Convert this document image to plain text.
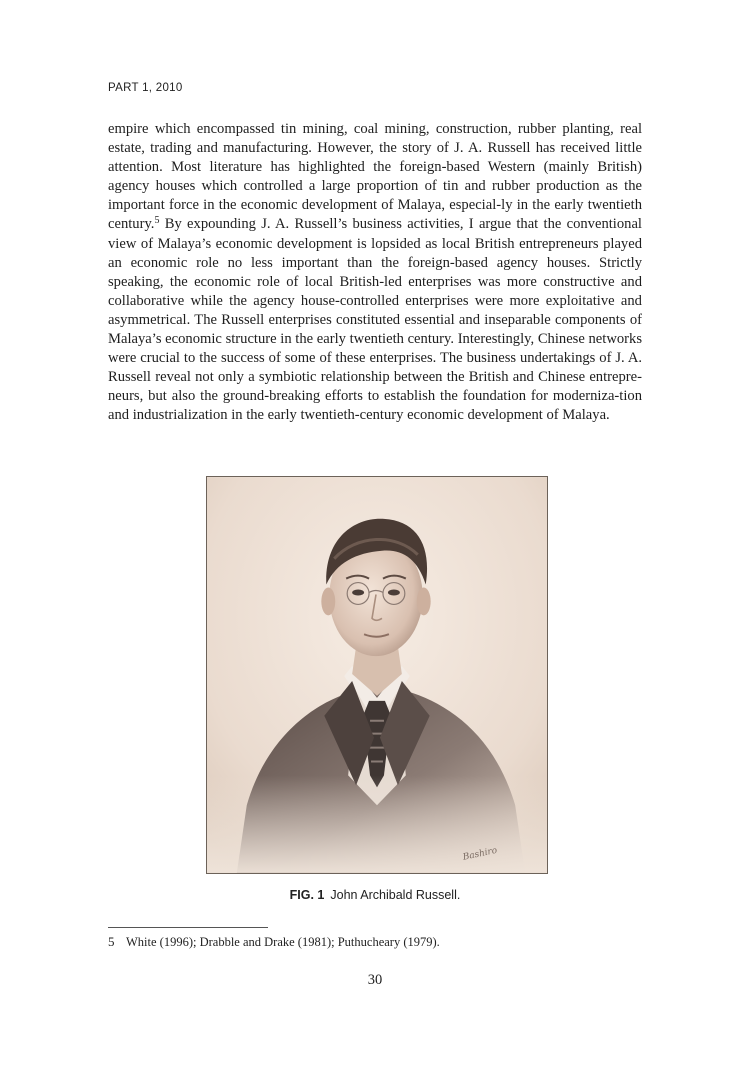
PART 1, 2010

empire which encompassed tin mining, coal mining, construction, rubber planting, real estate, trading and manufacturing. However, the story of J. A. Russell has received little attention. Most literature has highlighted the foreign-based Western (mainly British) agency houses which controlled a large proportion of tin and rubber production as the important force in the economic development of Malaya, especial-ly in the early twentieth century.$^5$ By expounding J. A. Russell’s business activities, I argue that the conventional view of Malaya’s economic development is lopsided as local British entrepreneurs played an economic role no less important than the foreign-based agency houses. Strictly speaking, the economic role of local British-led enterprises was more constructive and collaborative while the agency house-controlled enterprises were more exploitative and asymmetrical. The Russell enterprises constituted essential and inseparable components of Malaya’s economic structure in the early twentieth century. Interestingly, Chinese networks were crucial to the success of some of these enterprises. The business undertakings of J. A. Russell reveal not only a symbiotic relationship between the British and Chinese entrepre-neurs, but also the ground-breaking efforts to establish the foundation for moderniza-tion and industrialization in the early twentieth-century economic development of Malaya.

Bashiro
FIG. 1 John Archibald Russell.
5 White (1996); Drabble and Drake (1981); Puthucheary (1979).
30
